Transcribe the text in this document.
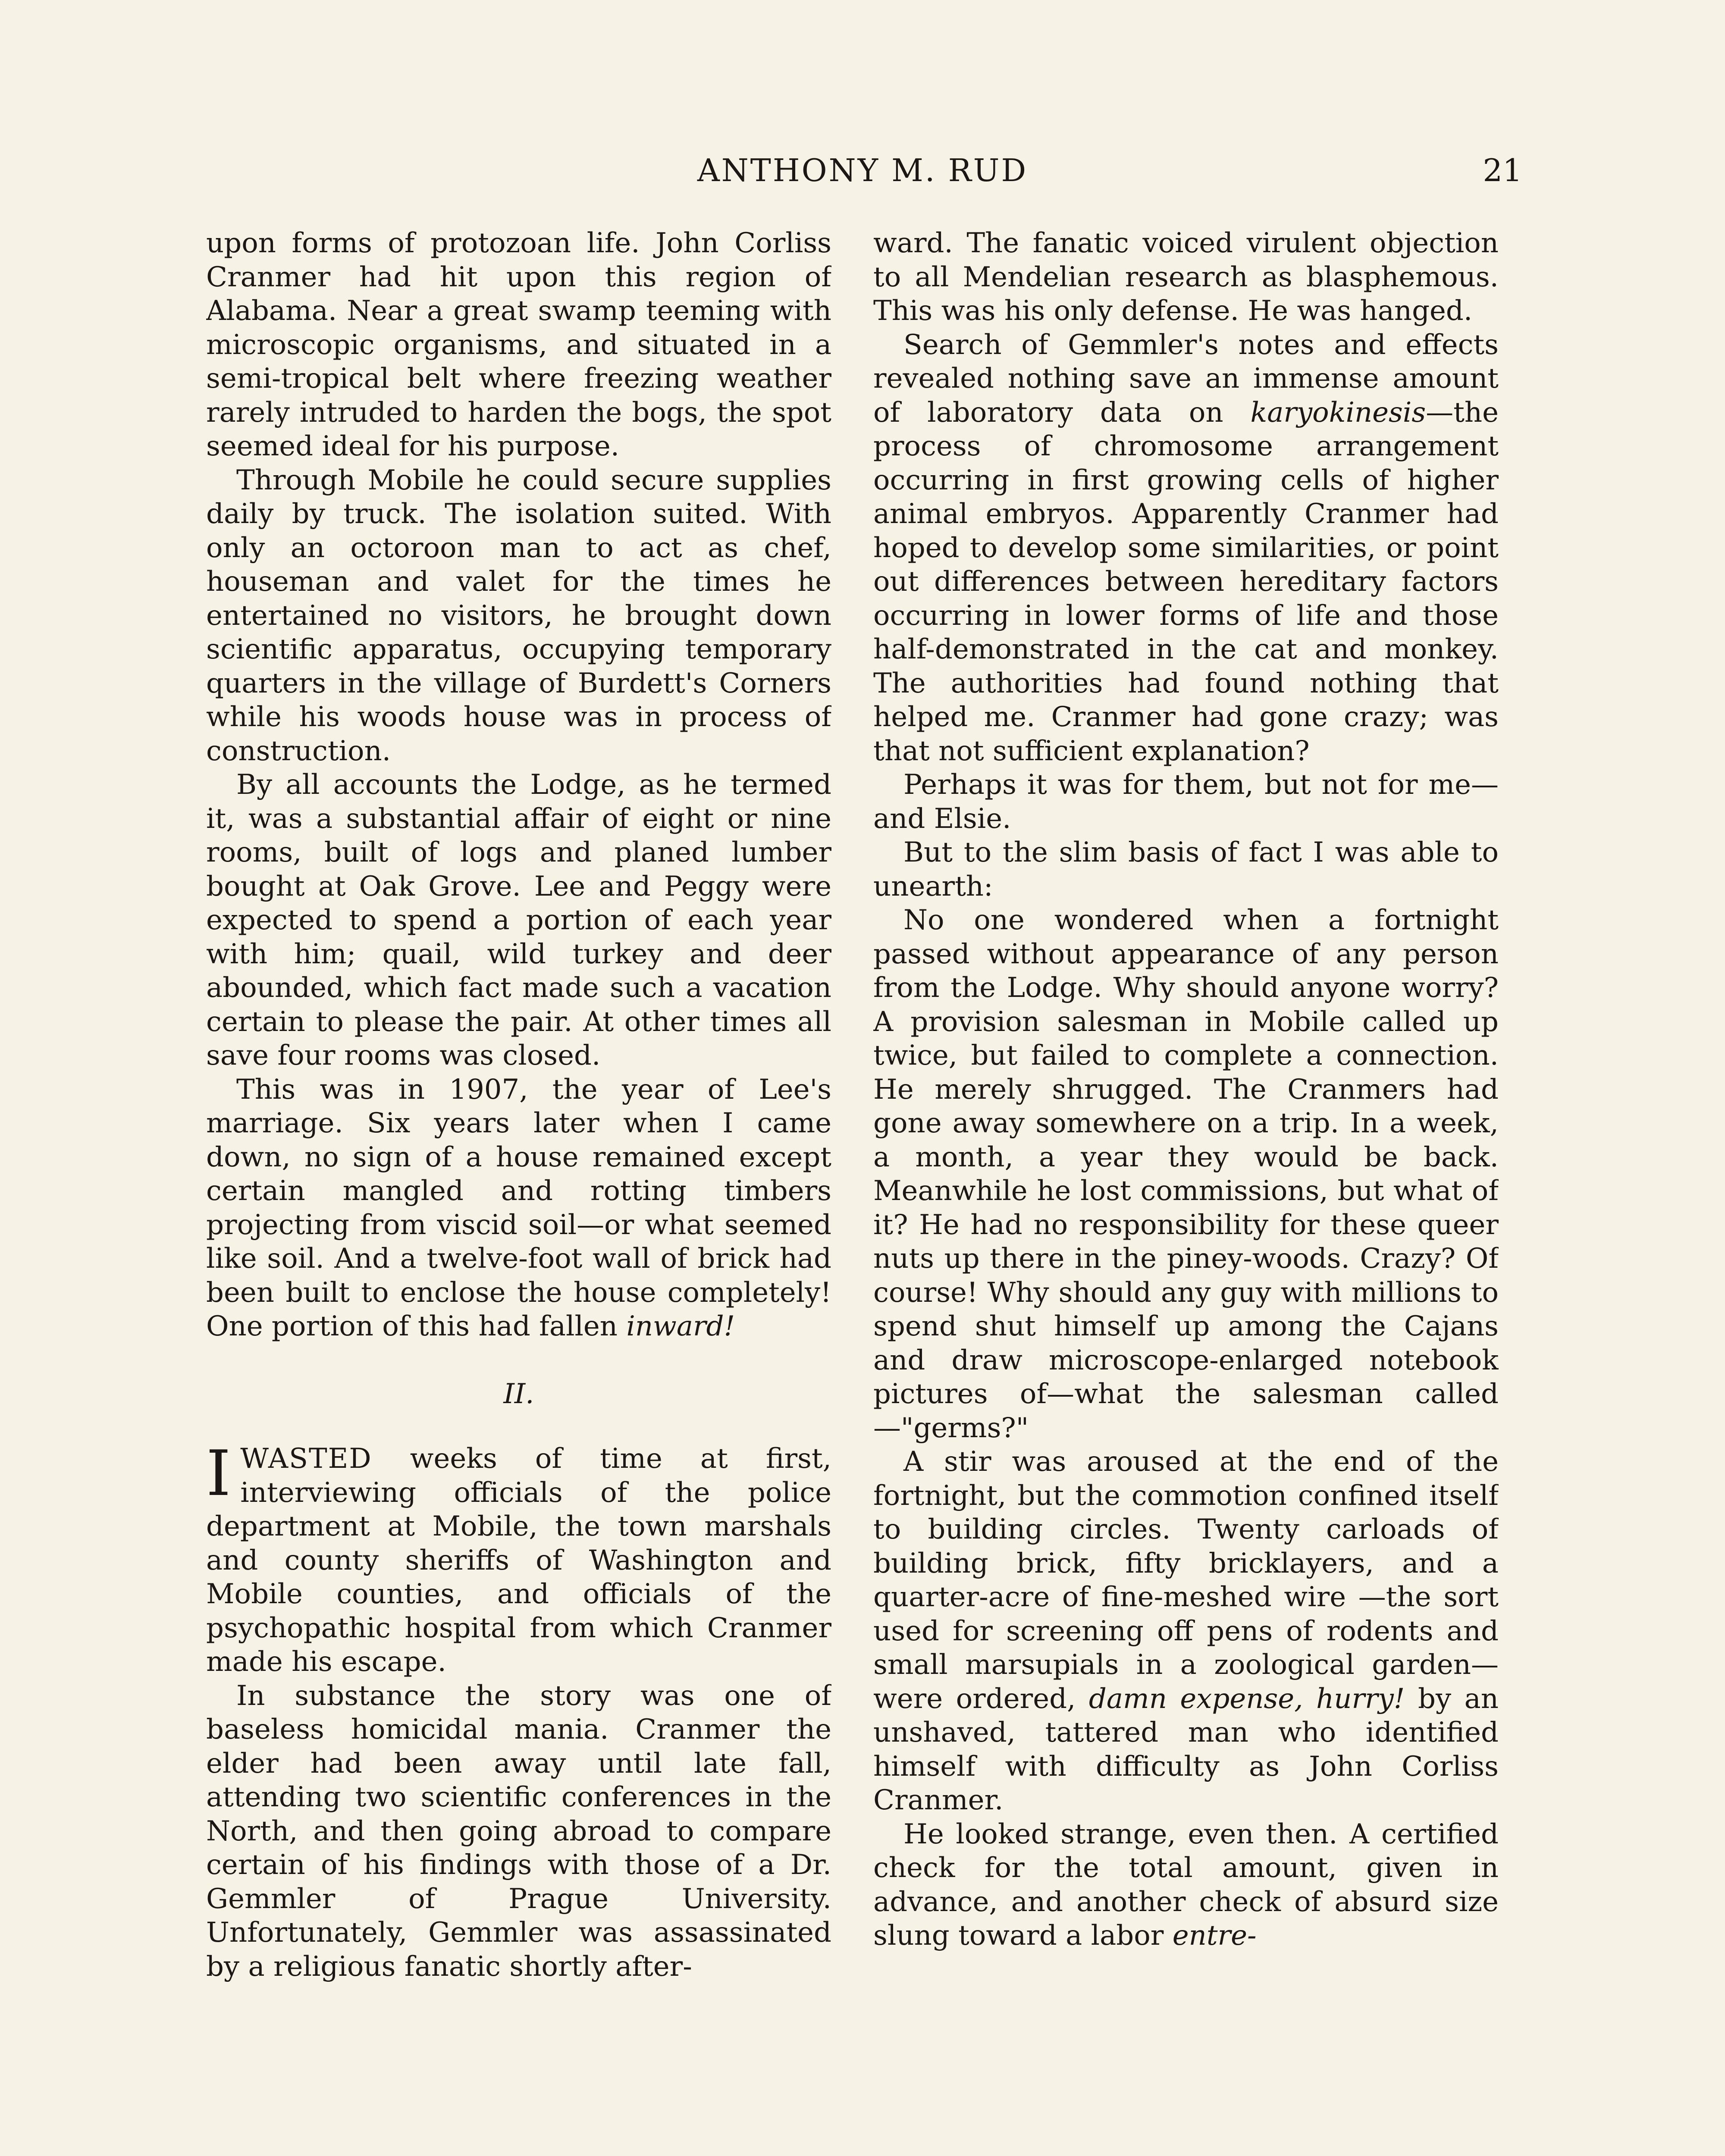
ANTHONY M. RUD	21

upon forms of protozoan life. John Corliss Cranmer had hit upon this region of Alabama. Near a great swamp teeming with microscopic organisms, and situated in a semi-tropical belt where freezing weather rarely intruded to harden the bogs, the spot seemed ideal for his purpose.

Through Mobile he could secure supplies daily by truck. The isolation suited. With only an octoroon man to act as chef, houseman and valet for the times he entertained no visitors, he brought down scientific apparatus, occupying temporary quarters in the village of Burdett's Corners while his woods house was in process of construction.

By all accounts the Lodge, as he termed it, was a substantial affair of eight or nine rooms, built of logs and planed lumber bought at Oak Grove. Lee and Peggy were expected to spend a portion of each year with him; quail, wild turkey and deer abounded, which fact made such a vacation certain to please the pair. At other times all save four rooms was closed.

This was in 1907, the year of Lee's marriage. Six years later when I came down, no sign of a house remained except certain mangled and rotting timbers projecting from viscid soil—or what seemed like soil. And a twelve-foot wall of brick had been built to enclose the house completely! One portion of this had fallen inward!

II.

IWASTED weeks of time at first, interviewing officials of the police department at Mobile, the town marshals and county sheriffs of Washington and Mobile counties, and officials of the psychopathic hospital from which Cranmer made his escape.

In substance the story was one of baseless homicidal mania. Cranmer the elder had been away until late fall, attending two scientific conferences in the North, and then going abroad to compare certain of his findings with those of a Dr. Gemmler of Prague University. Unfortunately, Gemmler was assassinated by a religious fanatic shortly after-

ward. The fanatic voiced virulent objection to all Mendelian research as blasphemous. This was his only defense. He was hanged.

Search of Gemmler's notes and effects revealed nothing save an immense amount of laboratory data on karyokinesis—the process of chromosome arrangement occurring in first growing cells of higher animal embryos. Apparently Cranmer had hoped to develop some similarities, or point out differences between hereditary factors occurring in lower forms of life and those half-demonstrated in the cat and monkey. The authorities had found nothing that helped me. Cranmer had gone crazy; was that not sufficient explanation?

Perhaps it was for them, but not for me—and Elsie.

But to the slim basis of fact I was able to unearth:

No one wondered when a fortnight passed without appearance of any person from the Lodge. Why should anyone worry? A provision salesman in Mobile called up twice, but failed to complete a connection. He merely shrugged. The Cranmers had gone away somewhere on a trip. In a week, a month, a year they would be back. Meanwhile he lost commissions, but what of it? He had no responsibility for these queer nuts up there in the piney-woods. Crazy? Of course! Why should any guy with millions to spend shut himself up among the Cajans and draw microscope-enlarged notebook pictures of—what the salesman called—"germs?"

A stir was aroused at the end of the fortnight, but the commotion confined itself to building circles. Twenty carloads of building brick, fifty bricklayers, and a quarter-acre of fine-meshed wire —the sort used for screening off pens of rodents and small marsupials in a zoological garden—were ordered, damn expense, hurry! by an unshaved, tattered man who identified himself with difficulty as John Corliss Cranmer.

He looked strange, even then. A certified check for the total amount, given in advance, and another check of absurd size slung toward a labor entre-
